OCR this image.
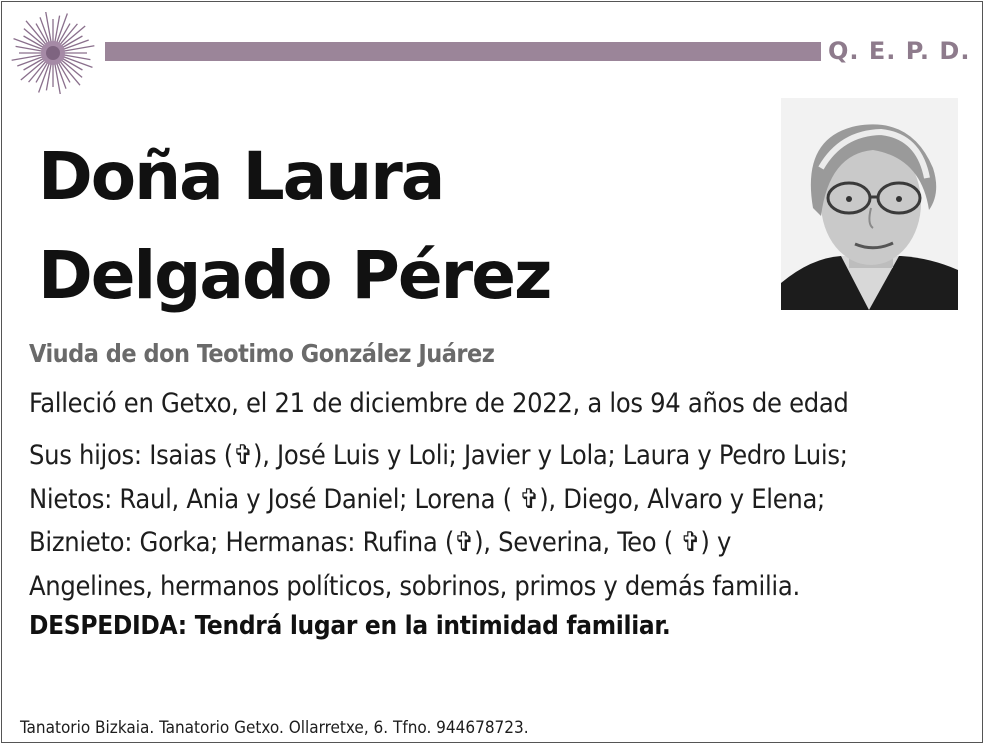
Q. E. P. D.
Doña Laura
Delgado Pérez
Viuda de don Teotimo González Juárez
Falleció en Getxo, el 21 de diciembre de 2022, a los 94 años de edad
Sus hijos: Isaias (✞), José Luis y Loli; Javier y Lola; Laura y Pedro Luis;
Nietos: Raul, Ania y José Daniel; Lorena ( ✞), Diego, Alvaro y Elena;
Biznieto: Gorka; Hermanas: Rufina (✞), Severina, Teo ( ✞) y
Angelines, hermanos políticos, sobrinos, primos y demás familia.
DESPEDIDA: Tendrá lugar en la intimidad familiar.
Tanatorio Bizkaia. Tanatorio Getxo. Ollarretxe, 6. Tfno. 944678723.
